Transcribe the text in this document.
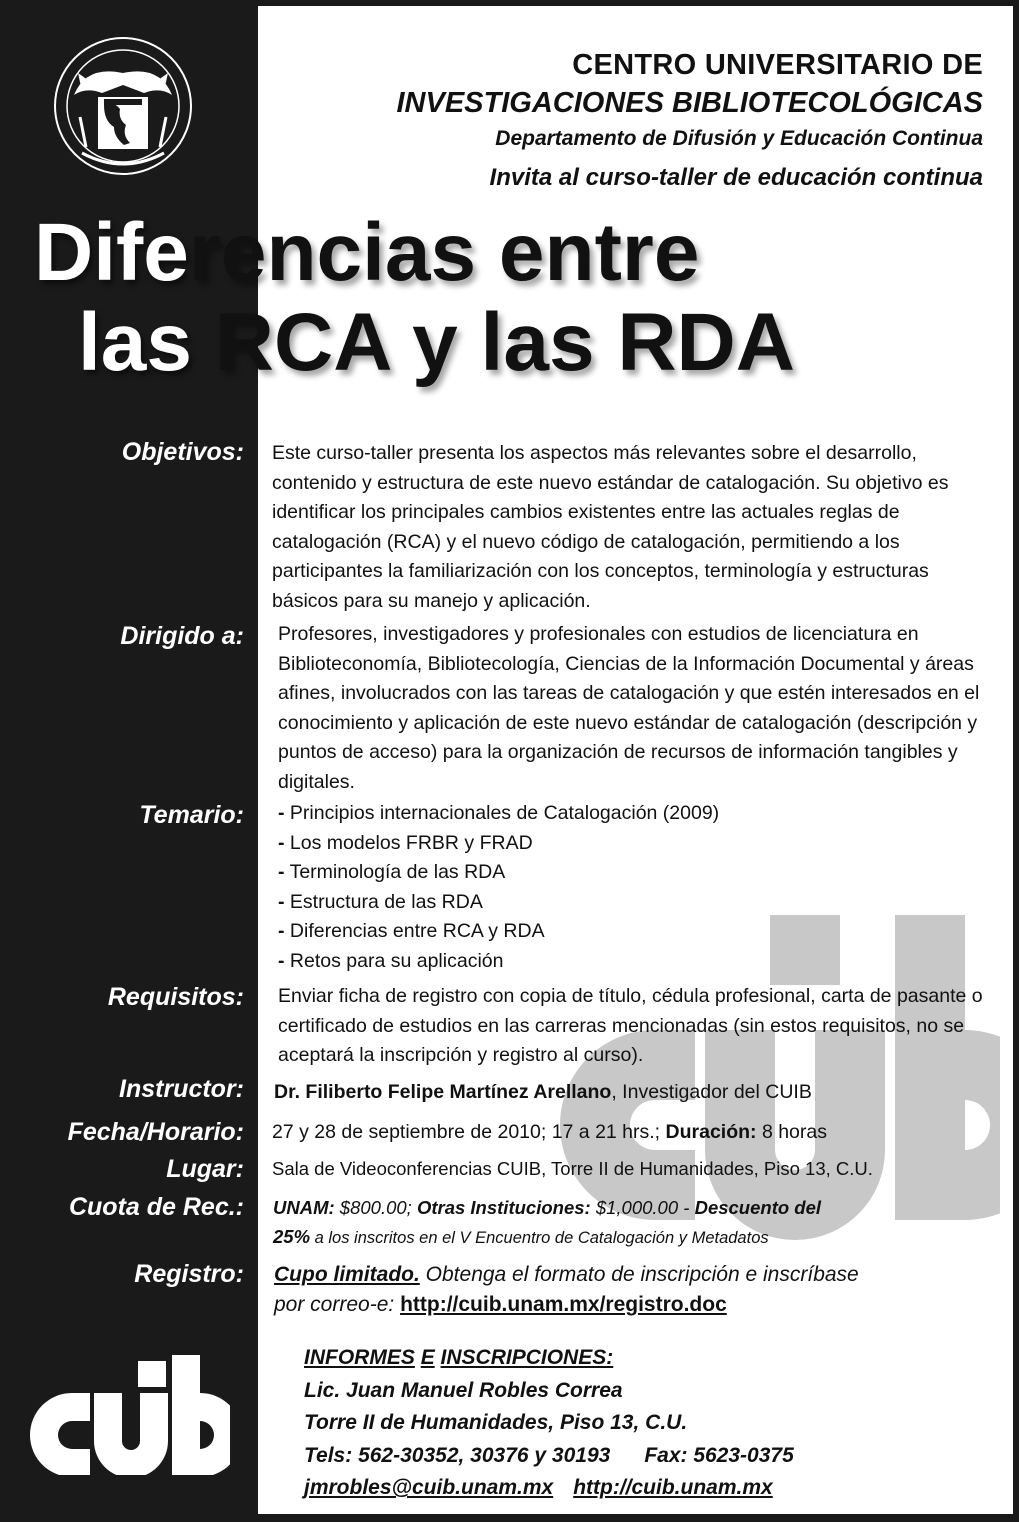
CENTRO UNIVERSITARIO DE
INVESTIGACIONES BIBLIOTECOLÓGICAS
Departamento de Difusión y Educación Continua
Invita al curso-taller de educación continua
Diferencias entre
las RCA y las RDA
Objetivos: Este curso-taller presenta los aspectos más relevantes sobre el desarrollo, contenido y estructura de este nuevo estándar de catalogación. Su objetivo es identificar los principales cambios existentes entre las actuales reglas de catalogación (RCA) y el nuevo código de catalogación, permitiendo a los participantes la familiarización con los conceptos, terminología y estructuras básicos para su manejo y aplicación.

Dirigido a: Profesores, investigadores y profesionales con estudios de licenciatura en Biblioteconomía, Bibliotecología, Ciencias de la Información Documental y áreas afines, involucrados con las tareas de catalogación y que estén interesados en el conocimiento y aplicación de este nuevo estándar de catalogación (descripción y puntos de acceso) para la organización de recursos de información tangibles y digitales.

Temario: - Principios internacionales de Catalogación (2009)

- Los modelos FRBR y FRAD

- Terminología de las RDA

- Estructura de las RDA

- Diferencias entre RCA y RDA

- Retos para su aplicación

Requisitos: Enviar ficha de registro con copia de título, cédula profesional, carta de pasante o certificado de estudios en las carreras mencionadas (sin estos requisitos, no se aceptará la inscripción y registro al curso).

Instructor: Dr. Filiberto Felipe Martínez Arellano, Investigador del CUIB
Fecha/Horario: 27 y 28 de septiembre de 2010; 17 a 21 hrs.; Duración: 8 horas
Lugar: Sala de Videoconferencias CUIB, Torre II de Humanidades, Piso 13, C.U.
Cuota de Rec.: UNAM: $800.00; Otras Instituciones: $1,000.00 - Descuento del
25% a los inscritos en el V Encuentro de Catalogación y Metadatos
Registro: Cupo limitado. Obtenga el formato de inscripción e inscríbase
por correo-e: http://cuib.unam.mx/registro.doc
INFORMES E INSCRIPCIONES:
Lic. Juan Manuel Robles Correa
Torre II de Humanidades, Piso 13, C.U.
Tels: 562-30352, 30376 y 30193 Fax: 5623-0375
jmrobles@cuib.unam.mx http://cuib.unam.mx
